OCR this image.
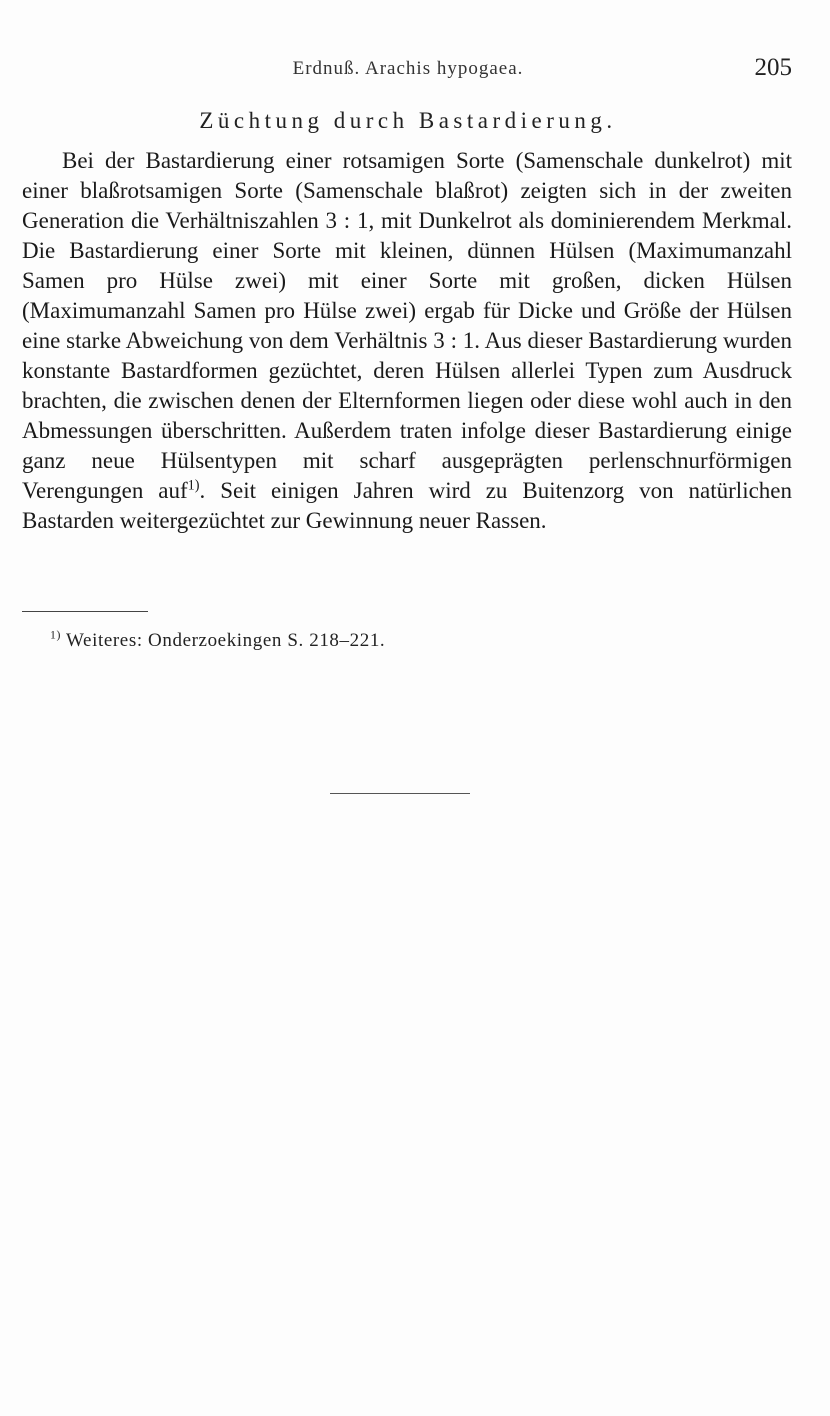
Erdnuß. Arachis hypogaea.	205
Züchtung durch Bastardierung.

Bei der Bastardierung einer rotsamigen Sorte (Samenschale dunkelrot) mit einer blaßrotsamigen Sorte (Samenschale blaßrot) zeigten sich in der zweiten Generation die Verhältniszahlen 3 : 1, mit Dunkelrot als dominierendem Merkmal. Die Bastardierung einer Sorte mit kleinen, dünnen Hülsen (Maximumanzahl Samen pro Hülse zwei) mit einer Sorte mit großen, dicken Hülsen (Maximumanzahl Samen pro Hülse zwei) ergab für Dicke und Größe der Hülsen eine starke Abweichung von dem Verhältnis 3 : 1. Aus dieser Bastardierung wurden konstante Bastardformen gezüchtet, deren Hülsen allerlei Typen zum Ausdruck brachten, die zwischen denen der Elternformen liegen oder diese wohl auch in den Abmessungen überschritten. Außerdem traten infolge dieser Bastardierung einige ganz neue Hülsentypen mit scharf ausgeprägten perlenschnurförmigen Verengungen auf$^{1)}$. Seit einigen Jahren wird zu Buitenzorg von natürlichen Bastarden weitergezüchtet zur Gewinnung neuer Rassen.

$^{1)}$ Weiteres: Onderzoekingen S. 218–221.
